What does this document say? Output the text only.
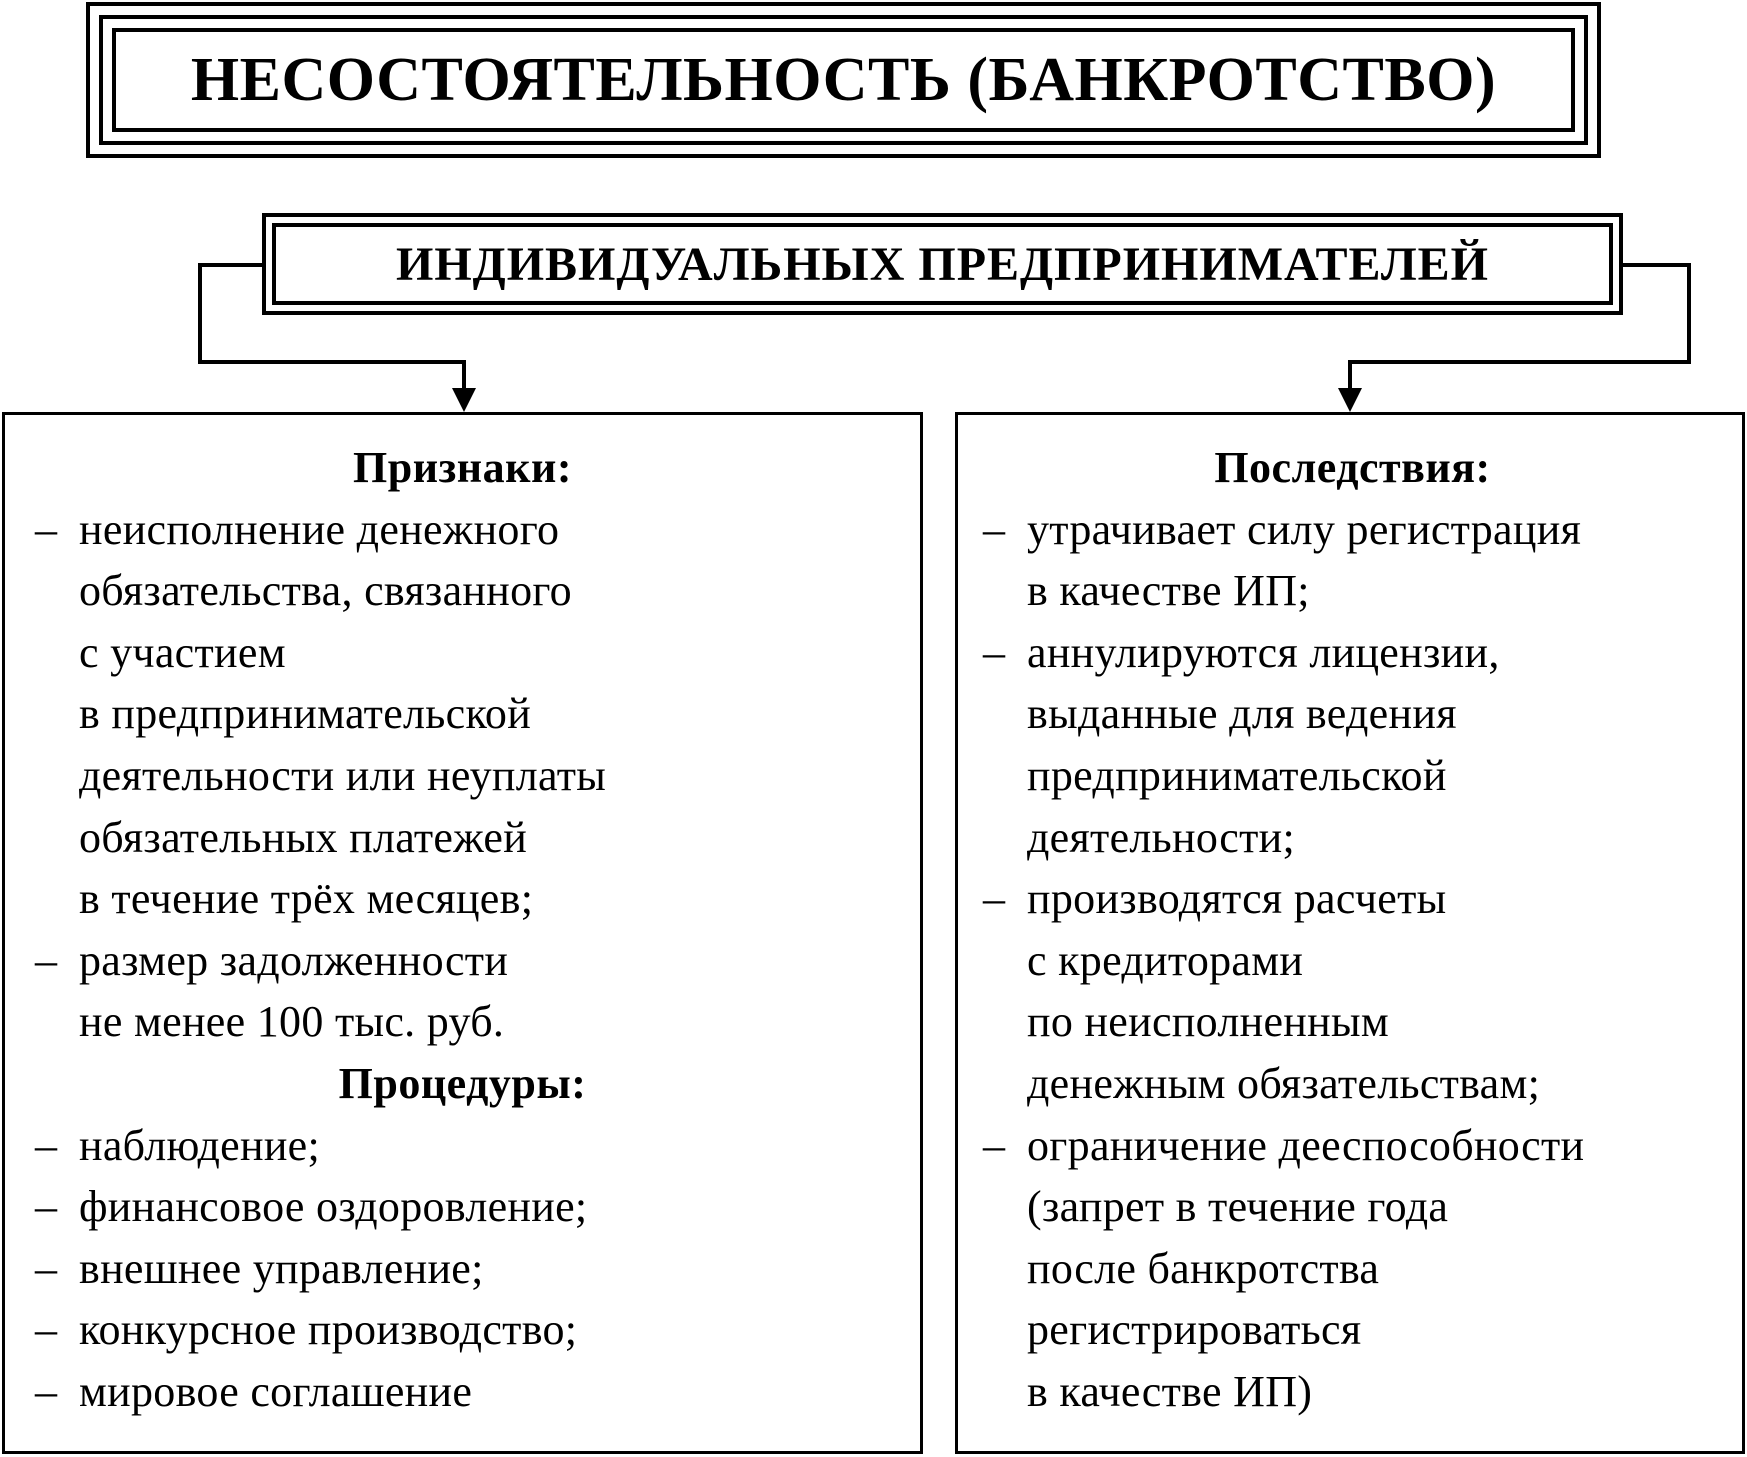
НЕСОСТОЯТЕЛЬНОСТЬ (БАНКРОТСТВО)
ИНДИВИДУАЛЬНЫХ ПРЕДПРИНИМАТЕЛЕЙ
Признаки:
– неисполнение денежного
обязательства, связанного
с участием
в предпринимательской
деятельности или неуплаты
обязательных платежей
в течение трёх месяцев;
– размер задолженности
не менее 100 тыс. руб.
Процедуры:
– наблюдение;
– финансовое оздоровление;
– внешнее управление;
– конкурсное производство;
– мировое соглашение
Последствия:
– утрачивает силу регистрация
в качестве ИП;
– аннулируются лицензии,
выданные для ведения
предпринимательской
деятельности;
– производятся расчеты
с кредиторами
по неисполненным
денежным обязательствам;
– ограничение дееспособности
(запрет в течение года
после банкротства
регистрироваться
в качестве ИП)
